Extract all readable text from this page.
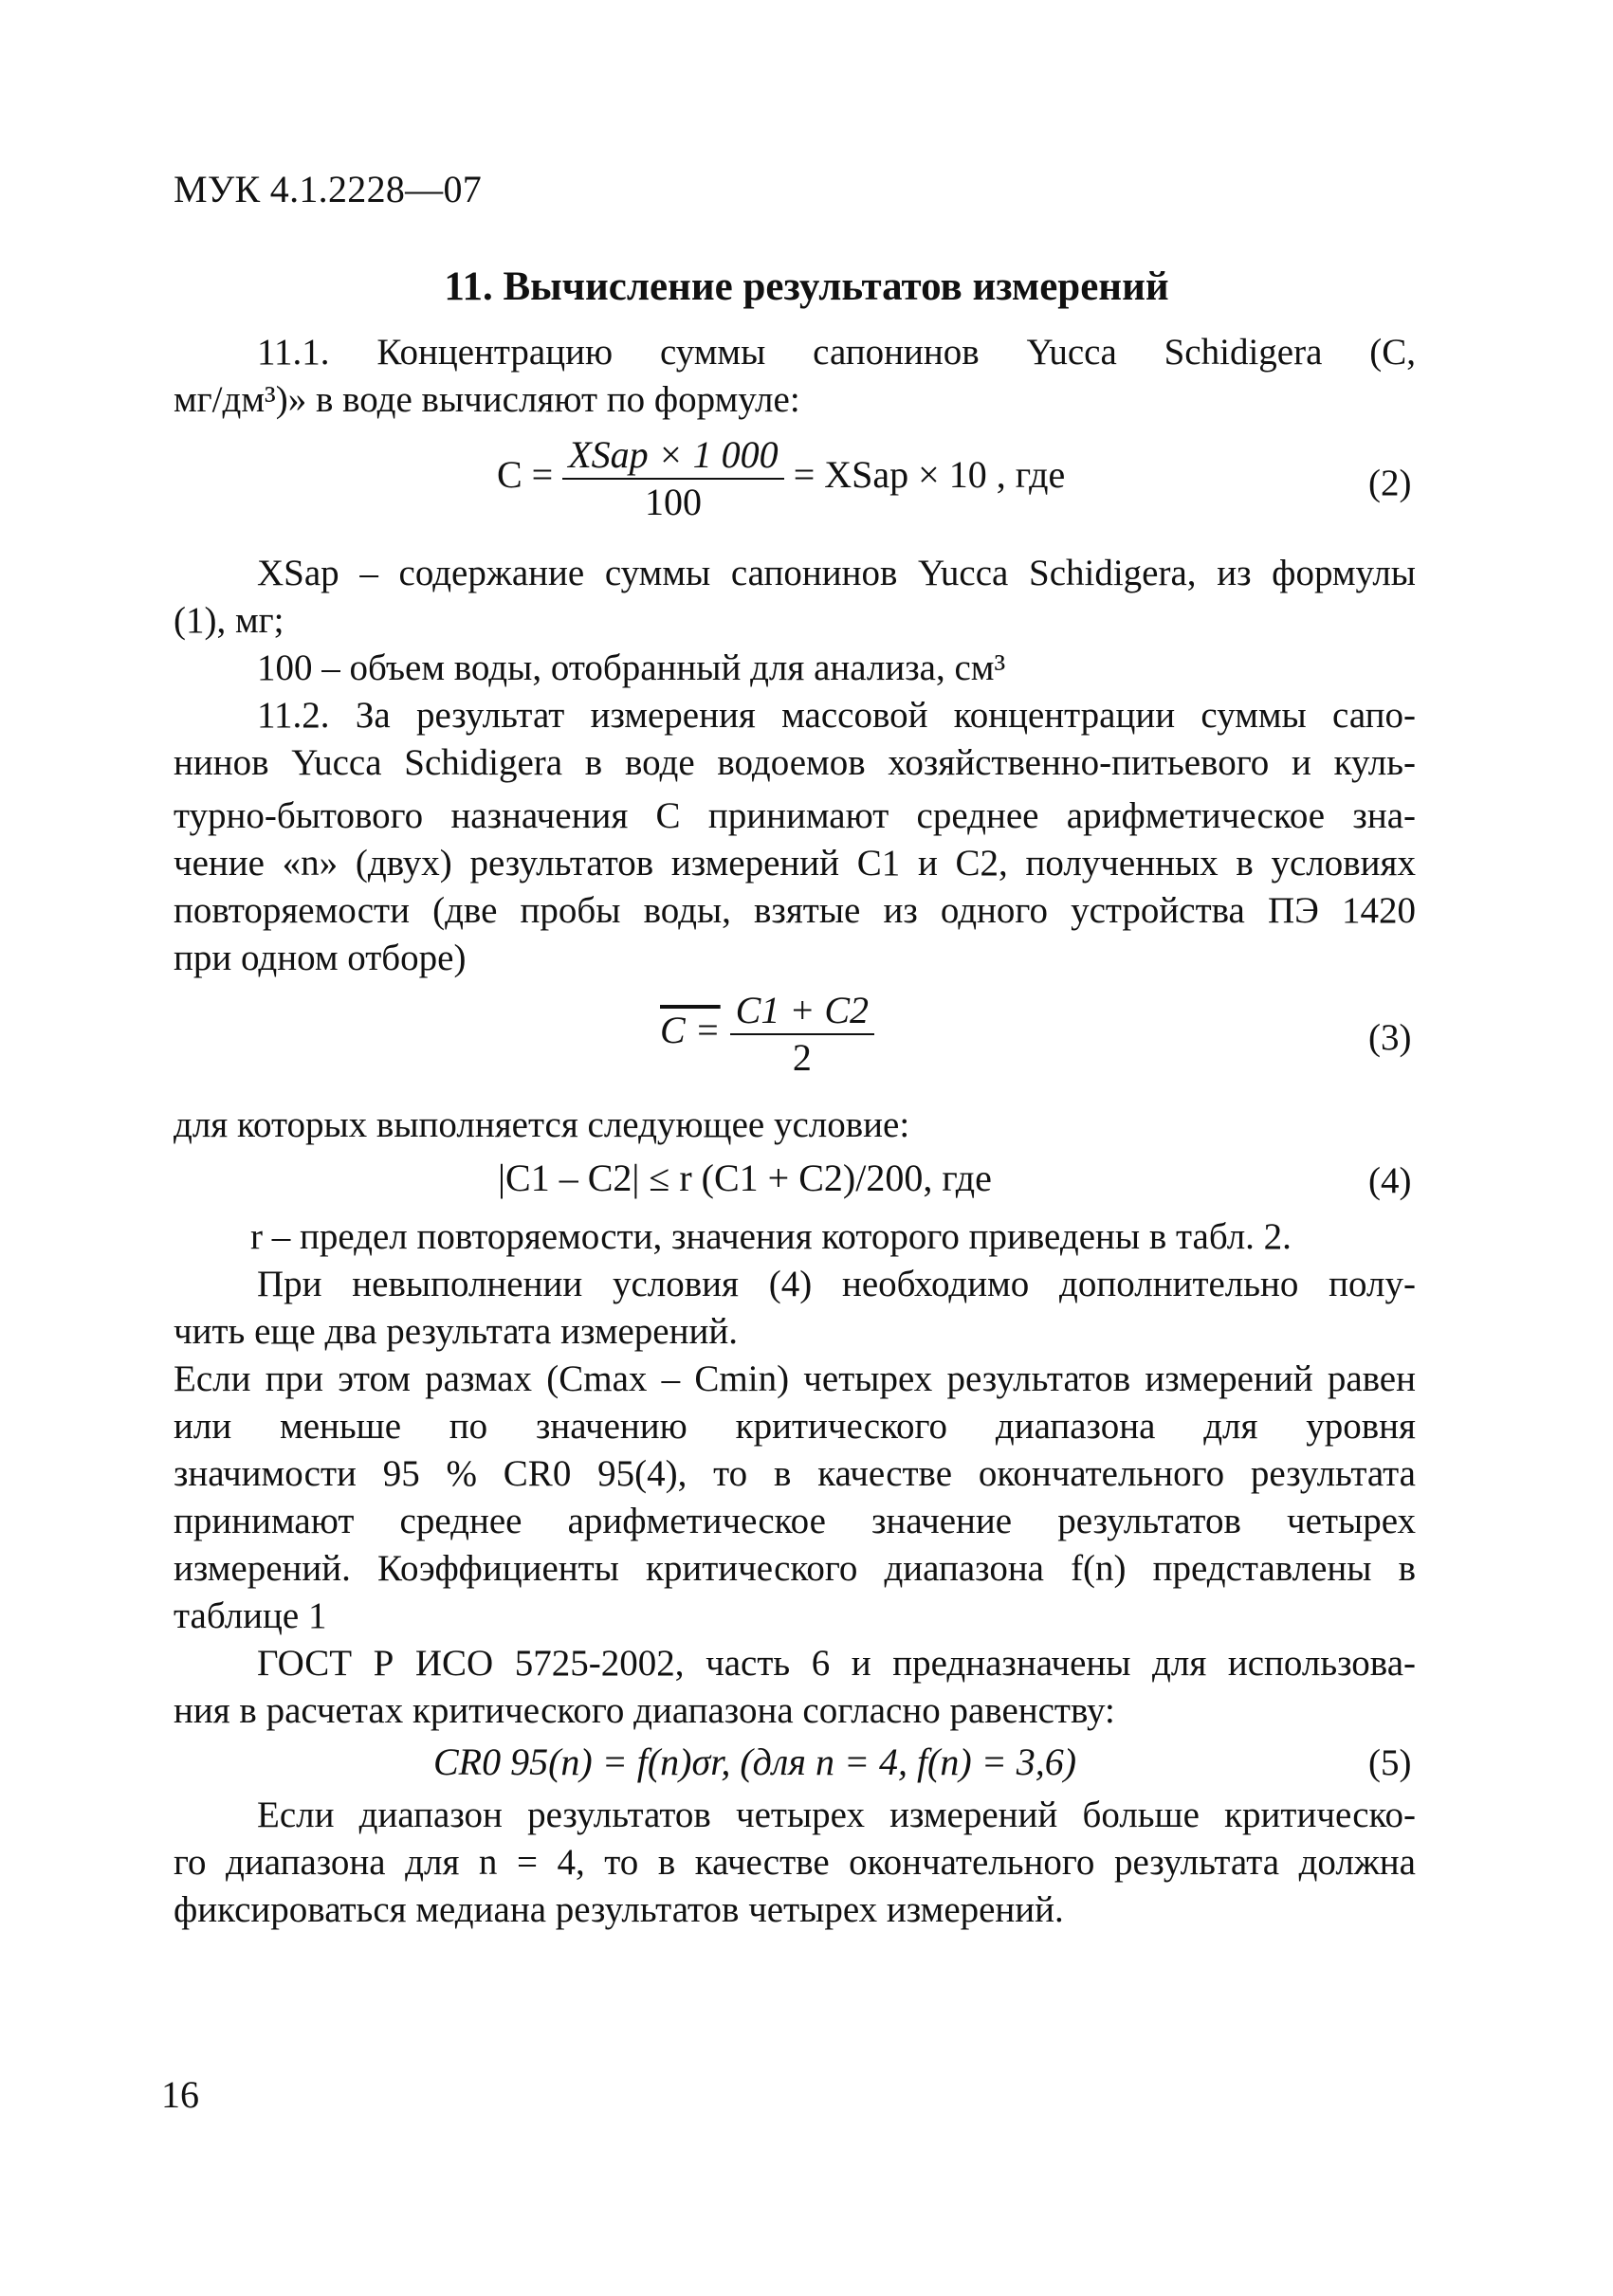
МУК 4.1.2228—07
11. Вычисление результатов измерений
11.1. Концентрацию суммы сапонинов Yucca Schidigera (С,
мг/дм³)» в воде вычисляют по формуле:
$C = \frac{\text{XSap × 1 000}}{100}$ = XSap × 10 , где	(2)
XSap – содержание суммы сапонинов Yucca Schidigera, из формулы
(1), мг;
100 – объем воды, отобранный для анализа, см³
11.2. За результат измерения массовой концентрации суммы сапо-
нинов Yucca Schidigera в воде водоемов хозяйственно-питьевого и куль-
турно-бытового назначения C принимают среднее арифметическое зна-
чение «n» (двух) результатов измерений C1 и C2, полученных в условиях
повторяемости (две пробы воды, взятые из одного устройства ПЭ 1420
при одном отборе)
$C = \frac{C1 + C2}{2}$	(3)
для которых выполняется следующее условие:
|C1 – C2| ≤ r (C1 + C2)/200, где	(4)
r – предел повторяемости, значения которого приведены в табл. 2.
При невыполнении условия (4) необходимо дополнительно полу-
чить еще два результата измерений.
Если при этом размах (Cmax – Cmin) четырех результатов измерений равен
или меньше по значению критического диапазона для уровня
значимости 95 % CR0 95(4), то в качестве окончательного результата
принимают среднее арифметическое значение результатов четырех
измерений. Коэффициенты критического диапазона f(n) представлены в
таблице 1
ГОСТ Р ИСО 5725-2002, часть 6 и предназначены для использова-
ния в расчетах критического диапазона согласно равенству:
CR0 95(n) = f(n)σr, (для n = 4, f(n) = 3,6)	(5)
Если диапазон результатов четырех измерений больше критическо-
го диапазона для n = 4, то в качестве окончательного результата должна
фиксироваться медиана результатов четырех измерений.
16
